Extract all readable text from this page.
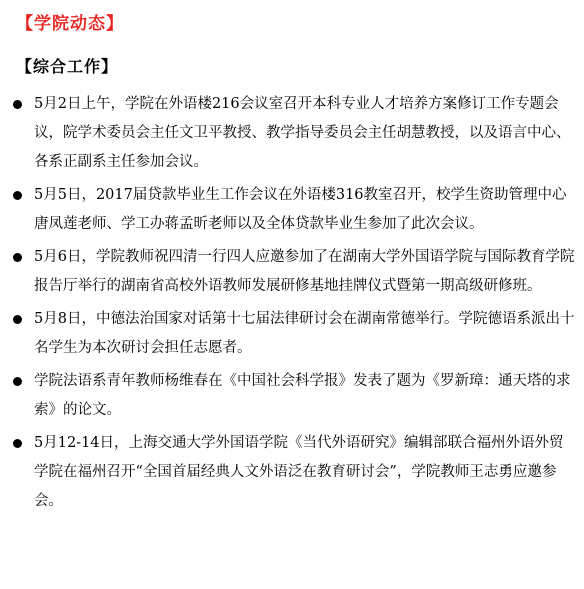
【学院动态】
【综合工作】
5月2日上午，学院在外语楼216会议室召开本科专业人才培养方案修订工作专题会议，院学术委员会主任文卫平教授、教学指导委员会主任胡慧教授，以及语言中心、各系正副系主任参加会议。
5月5日，2017届贷款毕业生工作会议在外语楼316教室召开，校学生资助管理中心唐凤莲老师、学工办蒋孟昕老师以及全体贷款毕业生参加了此次会议。
5月6日，学院教师祝四清一行四人应邀参加了在湖南大学外国语学院与国际教育学院报告厅举行的湖南省高校外语教师发展研修基地挂牌仪式暨第一期高级研修班。
5月8日，中德法治国家对话第十七届法律研讨会在湖南常德举行。学院德语系派出十名学生为本次研讨会担任志愿者。
学院法语系青年教师杨维春在《中国社会科学报》发表了题为《罗新璋：通天塔的求索》的论文。
5月12-14日，上海交通大学外国语学院《当代外语研究》编辑部联合福州外语外贸学院在福州召开“全国首届经典人文外语泛在教育研讨会”，学院教师王志勇应邀参会。
